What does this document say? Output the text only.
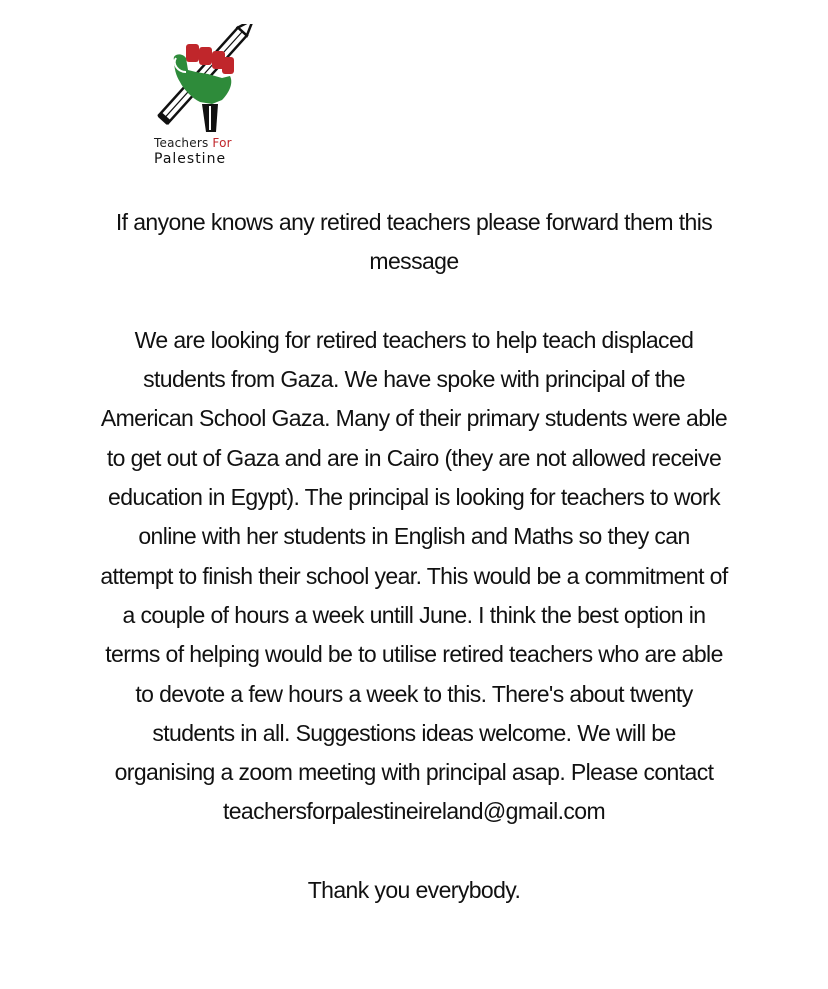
Teachers For
Palestine

If anyone knows any retired teachers please forward them this message

We are looking for retired teachers to help teach displaced students from Gaza. We have spoke with principal of the American School Gaza. Many of their primary students were able to get out of Gaza and are in Cairo (they are not allowed receive education in Egypt). The principal is looking for teachers to work online with her students in English and Maths so they can attempt to finish their school year. This would be a commitment of a couple of hours a week untill June. I think the best option in terms of helping would be to utilise retired teachers who are able to devote a few hours a week to this. There's about twenty students in all. Suggestions ideas welcome. We will be organising a zoom meeting with principal asap. Please contact teachersforpalestineireland@gmail.com

Thank you everybody.
